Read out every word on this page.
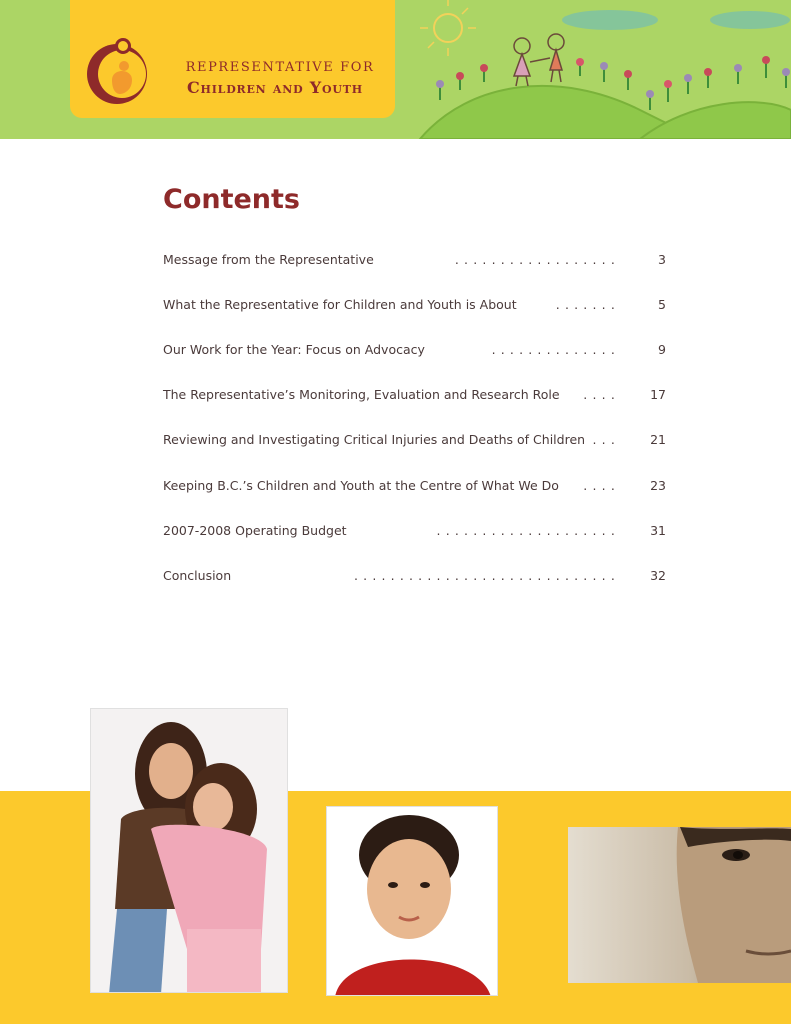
REPRESENTATIVE FOR
Children and Youth
Contents
Message from the Representative	..................	3
What the Representative for Children and Youth is About	.......	5
Our Work for the Year: Focus on Advocacy	..............	9
The Representative’s Monitoring, Evaluation and Research Role .... 17
Reviewing and Investigating Critical Injuries and Deaths of Children ... 21
Keeping B.C.’s Children and Youth at the Centre of What We Do .... 23
2007-2008 Operating Budget	.................... 31
Conclusion	............................. 32
